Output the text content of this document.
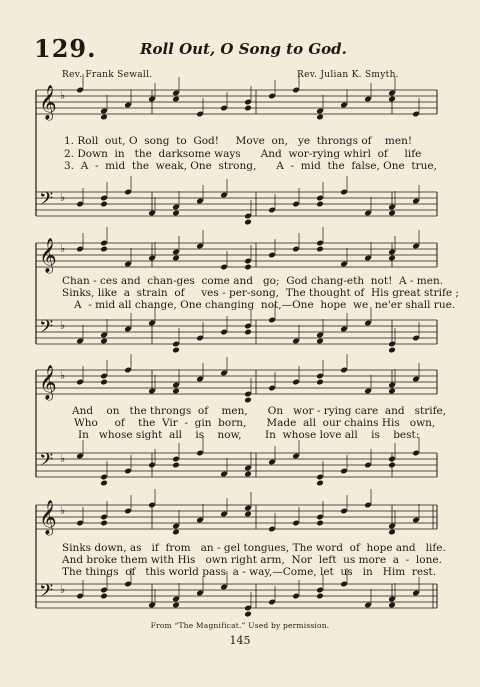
129.	Roll Out, O Song to God.
Rev. Frank Sewall.	Rev. Julian K. Smyth.
𝄞 ♭
𝄢 ♭
𝄞 ♭
𝄢 ♭
𝄞 ♭
𝄢 ♭
𝄞 ♭
𝄢 ♭
1. Roll  out, O  song  to  God!     Move  on,   ye  throngs of    men!
2. Down  in   the  darksome ways      And  wor-rying whirl  of     life
3.  A  -  mid  the  weak, One  strong,      A  -  mid  the  false, One  true,
Chan - ces and  chan-ges  come and   go;  God chang-eth  not!  A - men.
Sinks, like  a  strain  of     ves - per-song,  The thought of  His great strife ;
A  - mid all change, One changing  not,—One  hope  we  ne'er shall rue.
And    on   the throngs  of    men,      On   wor - rying care  and   strife,
Who     of    the  Vir  -  gin  born,      Made  all  our chains His   own,
In   whose sight  all    is    now,       In  whose love all    is    best:
Sinks down, as   if  from   an - gel tongues, The word  of  hope and   life.
And broke them with His   own right arm,  Nor  left  us more  a  -  lone.
The things  of   this world pass  a - way,—Come, let  us   in   Him  rest.
From “The Magnificat.” Used by permission.
145
